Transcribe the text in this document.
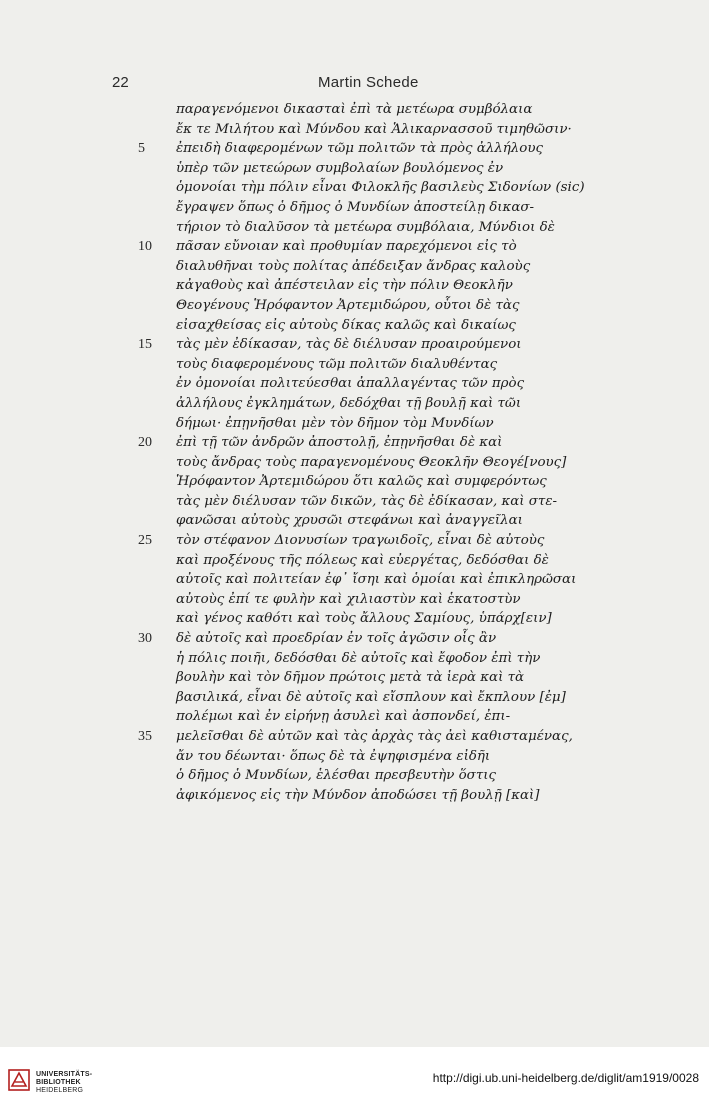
22	Martin Schede
παραγενόμενοι δικασταὶ ἐπὶ τὰ μετέωρα συμβόλαια
ἔκ τε Μιλήτου καὶ Μύνδου καὶ Ἁλικαρνασσοῦ τιμηθῶσιν·
5	ἐπειδὴ διαφερομένων τῶμ πολιτῶν τὰ πρὸς ἀλλήλους
ὑπὲρ τῶν μετεώρων συμβολαίων βουλόμενος ἐν
ὁμονοίαι τὴμ πόλιν εἶναι Φιλοκλῆς βασιλεὺς Σιδονίων (sic)
ἔγραψεν ὅπως ὁ δῆμος ὁ Μυνδίων ἀποστείλῃ δικασ-
τήριον τὸ διαλῦσον τὰ μετέωρα συμβόλαια, Μύνδιοι δὲ
10	πᾶσαν εὔνοιαν καὶ προθυμίαν παρεχόμενοι εἰς τὸ
διαλυθῆναι τοὺς πολίτας ἀπέδειξαν ἄνδρας καλοὺς
κἀγαθοὺς καὶ ἀπέστειλαν εἰς τὴν πόλιν Θεοκλῆν
Θεογένους Ἡρόφαντον Ἀρτεμιδώρου, οὗτοι δὲ τὰς
εἰσαχθείσας εἰς αὐτοὺς δίκας καλῶς καὶ δικαίως
15	τὰς μὲν ἐδίκασαν, τὰς δὲ διέλυσαν προαιρούμενοι
τοὺς διαφερομένους τῶμ πολιτῶν διαλυθέντας
ἐν ὁμονοίαι πολιτεύεσθαι ἀπαλλαγέντας τῶν πρὸς
ἀλλήλους ἐγκλημάτων, δεδόχθαι τῇ βουλῇ καὶ τῶι
δήμωι· ἐπῃνῆσθαι μὲν τὸν δῆμον τὸμ Μυνδίων
20	ἐπὶ τῇ τῶν ἀνδρῶν ἀποστολῇ, ἐπῃνῆσθαι δὲ καὶ
τοὺς ἄνδρας τοὺς παραγενομένους Θεοκλῆν Θεογέ[νους]
Ἡρόφαντον Ἀρτεμιδώρου ὅτι καλῶς καὶ συμφερόντως
τὰς μὲν διέλυσαν τῶν δικῶν, τὰς δὲ ἐδίκασαν, καὶ στε-
φανῶσαι αὐτοὺς χρυσῶι στεφάνωι καὶ ἀναγγεῖλαι
25	τὸν στέφανον Διονυσίων τραγωιδοῖς, εἶναι δὲ αὐτοὺς
καὶ προξένους τῆς πόλεως καὶ εὐεργέτας, δεδόσθαι δὲ
αὐτοῖς καὶ πολιτείαν ἐφ᾽ ἴσηι καὶ ὁμοίαι καὶ ἐπικληρῶσαι
αὐτοὺς ἐπί τε φυλὴν καὶ χιλιαστὺν καὶ ἑκατοστὺν
καὶ γένος καθότι καὶ τοὺς ἄλλους Σαμίους, ὑπάρχ[ειν]
30	δὲ αὐτοῖς καὶ προεδρίαν ἐν τοῖς ἀγῶσιν οἷς ἂν
ἡ πόλις ποιῆι, δεδόσθαι δὲ αὐτοῖς καὶ ἔφοδον ἐπὶ τὴν
βουλὴν καὶ τὸν δῆμον πρώτοις μετὰ τὰ ἱερὰ καὶ τὰ
βασιλικά, εἶναι δὲ αὐτοῖς καὶ εἴσπλουν καὶ ἔκπλουν [ἐμ]
πολέμωι καὶ ἐν εἰρήνῃ ἀσυλεὶ καὶ ἀσπονδεί, ἐπι-
35	μελεῖσθαι δὲ αὐτῶν καὶ τὰς ἀρχὰς τὰς ἀεὶ καθισταμένας,
ἄν του δέωνται· ὅπως δὲ τὰ ἐψηφισμένα εἰδῆι
ὁ δῆμος ὁ Μυνδίων, ἑλέσθαι πρεσβευτὴν ὅστις
ἀφικόμενος εἰς τὴν Μύνδον ἀποδώσει τῇ βουλῇ [καὶ]
UNIVERSITÄTS-
BIBLIOTHEK
HEIDELBERG
http://digi.ub.uni-heidelberg.de/diglit/am1919/0028
